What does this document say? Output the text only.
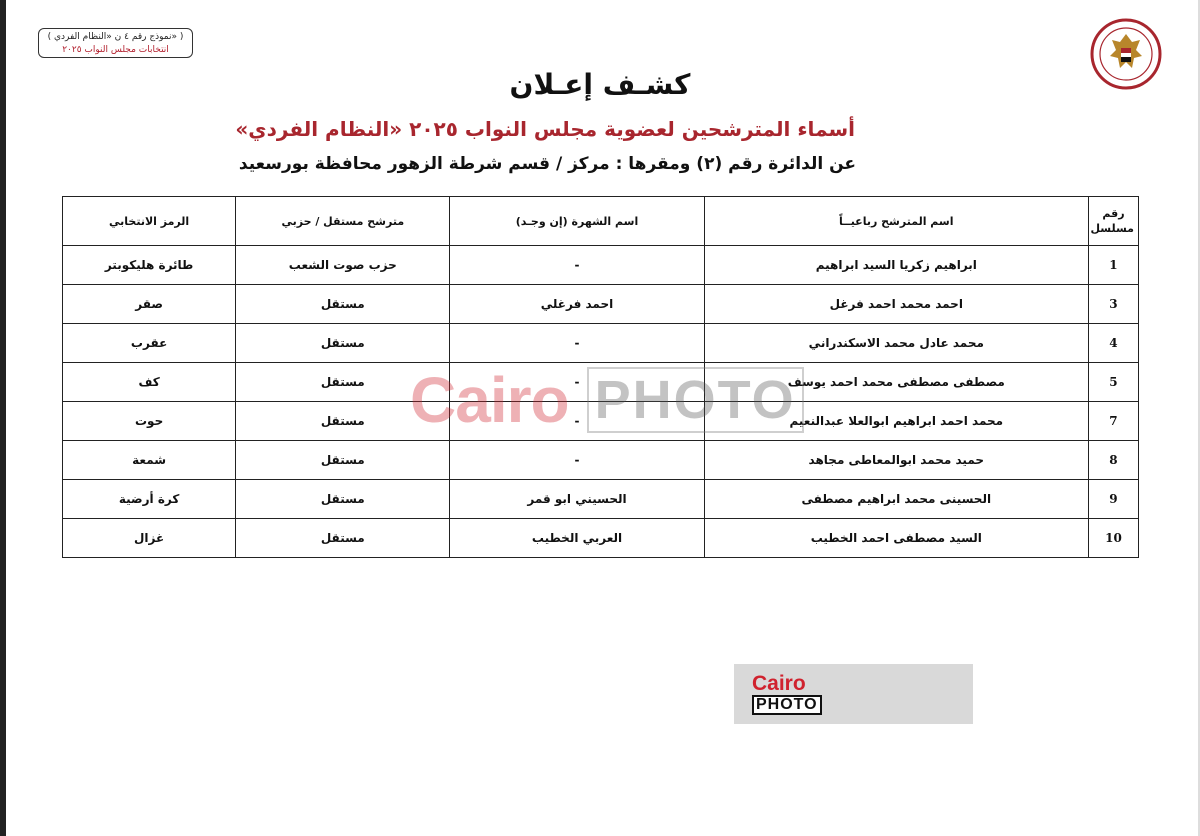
( نموذج رقم ٤ ن «النظام الفردي» )
انتخابات مجلس النواب ٢٠٢٥
كشـف إعـلان
أسماء المترشحين لعضوية مجلس النواب ٢٠٢٥ «النظام الفردي»
عن الدائرة رقم (٢) ومقرها : مركز / قسم شرطة الزهور محافظة بورسعيد
رقم مسلسل	اسم المترشح رباعيــاً	اسم الشهرة (إن وجـد)	مترشح مستقل / حزبي	الرمز الانتخابي
1	ابراهيم زكريا السيد ابراهيم	-	حزب صوت الشعب	طائرة هليكوبتر
3	احمد محمد احمد فرغل	احمد فرغلي	مستقل	صقر
4	محمد عادل محمد الاسكندراني	-	مستقل	عقرب
5	مصطفى مصطفى محمد احمد يوسف	-	مستقل	كف
7	محمد احمد ابراهيم ابوالعلا عبدالنعيم	-	مستقل	حوت
8	حميد محمد ابوالمعاطى مجاهد	-	مستقل	شمعة
9	الحسينى محمد ابراهيم مصطفى	الحسيني ابو قمر	مستقل	كرة أرضية
10	السيد مصطفى احمد الخطيب	العربي الخطيب	مستقل	غزال
Cairo PHOTO
Cairo
PHOTO
